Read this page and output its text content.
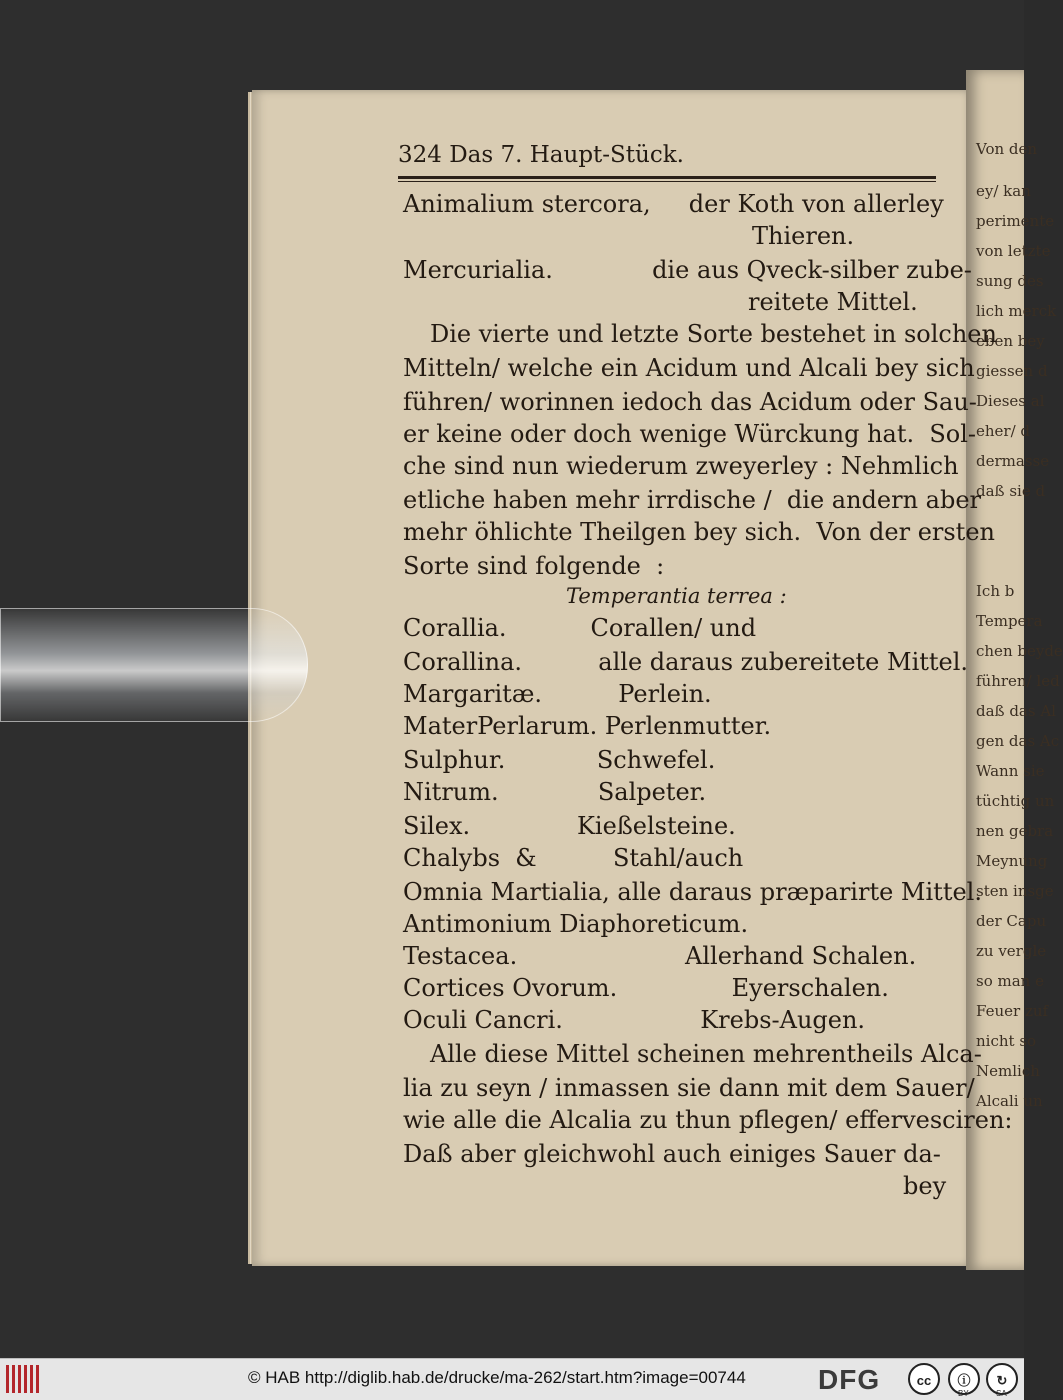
Von den
ey/ kan
perimente
von letzte
sung des
lich merck
eben bey
giessen d
Dieses al
eher/ d
dermasse
daß sie d
Ich b
Tempera
chen beyde
führen/ led
daß das Al
gen das Ac
Wann sie
tüchtig un
nen gebra
Meynung
sten insge
der Capu
zu vergle
so man e
Feuer zuf
nicht so
Nemlich
Alcali un
324 Das 7. Haupt-Stück.
Animalium stercora,     der Koth von allerley
Thieren.
Mercurialia.             die aus Qveck-silber zube-
reitete Mittel.
Die vierte und letzte Sorte bestehet in solchen
Mitteln/ welche ein Acidum und Alcali bey sich
führen/ worinnen iedoch das Acidum oder Sau-
er keine oder doch wenige Würckung hat.  Sol-
che sind nun wiederum zweyerley : Nehmlich
etliche haben mehr irrdische /  die andern aber
mehr öhlichte Theilgen bey sich.  Von der ersten
Sorte sind folgende  :
Temperantia terrea :
Corallia.           Corallen/ und
Corallina.          alle daraus zubereitete Mittel.
Margaritæ.          Perlein.
MaterPerlarum. Perlenmutter.
Sulphur.            Schwefel.
Nitrum.             Salpeter.
Silex.              Kießelsteine.
Chalybs  &          Stahl/auch
Omnia Martialia, alle daraus præparirte Mittel.
Antimonium Diaphoreticum.
Testacea.                      Allerhand Schalen.
Cortices Ovorum.               Eyerschalen.
Oculi Cancri.                  Krebs-Augen.
Alle diese Mittel scheinen mehrentheils Alca-
lia zu seyn / inmassen sie dann mit dem Sauer/
wie alle die Alcalia zu thun pflegen/ effervesciren:
Daß aber gleichwohl auch einiges Sauer da-
bey
© HAB http://diglib.hab.de/drucke/ma-262/start.htm?image=00744	DFG	cc	ⓘ
BY
↻
SA
